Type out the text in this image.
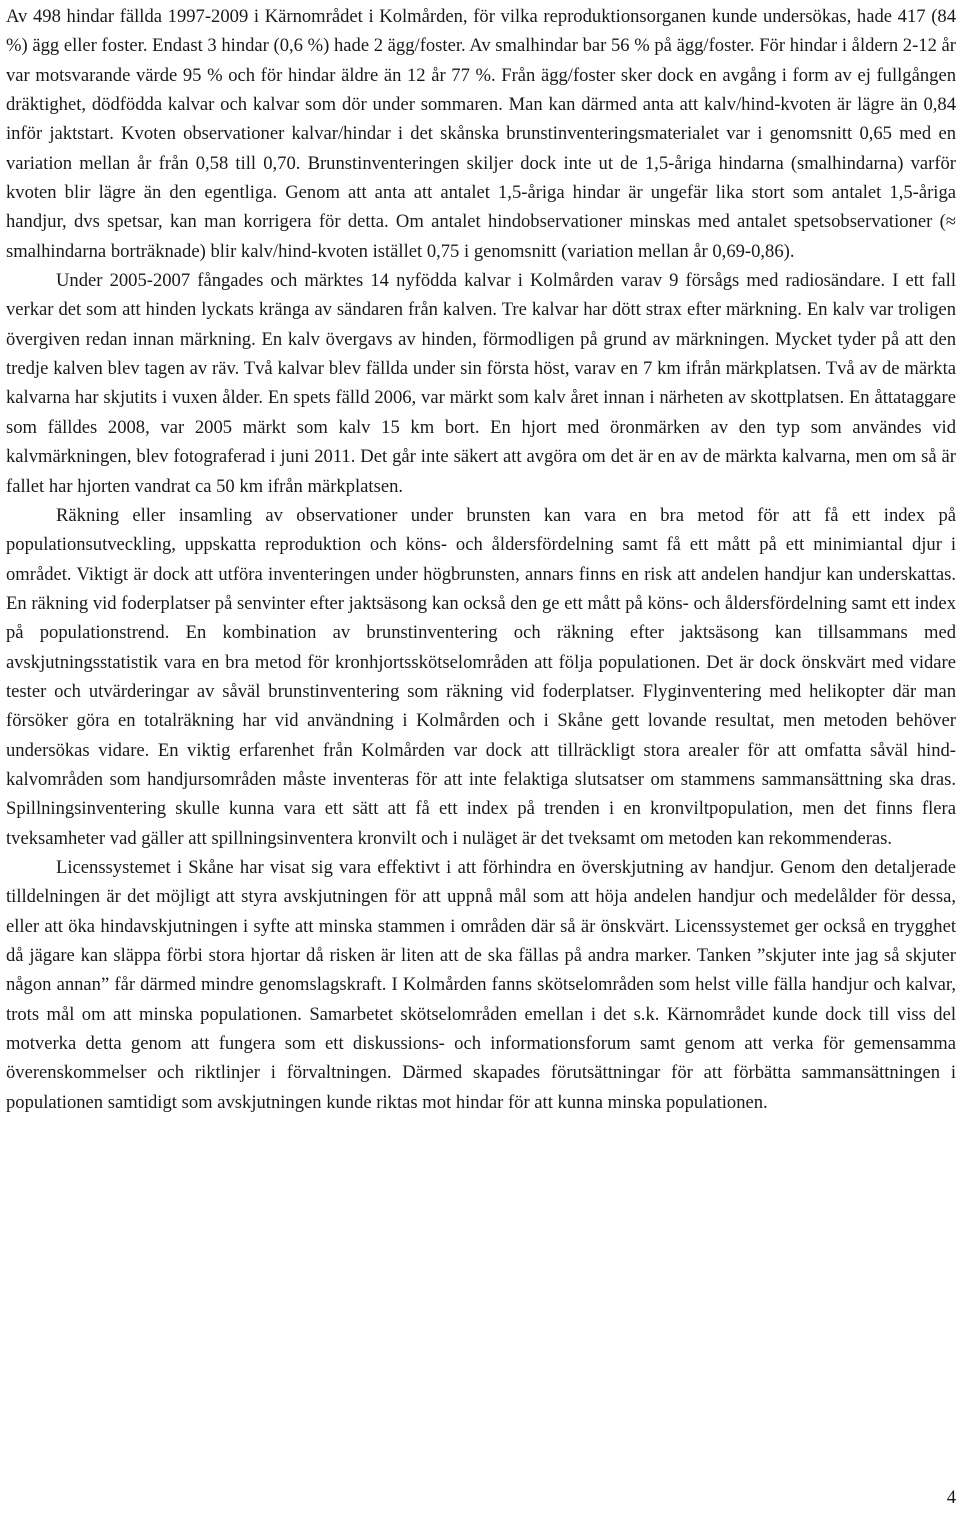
Av 498 hindar fällda 1997-2009 i Kärnområdet i Kolmården, för vilka reproduktionsorganen kunde undersökas, hade 417 (84 %) ägg eller foster. Endast 3 hindar (0,6 %) hade 2 ägg/foster. Av smalhindar bar 56 % på ägg/foster. För hindar i åldern 2-12 år var motsvarande värde 95 % och för hindar äldre än 12 år 77 %. Från ägg/foster sker dock en avgång i form av ej fullgången dräktighet, dödfödda kalvar och kalvar som dör under sommaren. Man kan därmed anta att kalv/hind-kvoten är lägre än 0,84 inför jaktstart. Kvoten observationer kalvar/hindar i det skånska brunstinventeringsmaterialet var i genomsnitt 0,65 med en variation mellan år från 0,58 till 0,70. Brunstinventeringen skiljer dock inte ut de 1,5-åriga hindarna (smalhindarna) varför kvoten blir lägre än den egentliga. Genom att anta att antalet 1,5-åriga hindar är ungefär lika stort som antalet 1,5-åriga handjur, dvs spetsar, kan man korrigera för detta. Om antalet hindobservationer minskas med antalet spetsobservationer (≈ smalhindarna borträknade) blir kalv/hind-kvoten istället 0,75 i genomsnitt (variation mellan år 0,69-0,86).

Under 2005-2007 fångades och märktes 14 nyfödda kalvar i Kolmården varav 9 försågs med radiosändare. I ett fall verkar det som att hinden lyckats kränga av sändaren från kalven. Tre kalvar har dött strax efter märkning. En kalv var troligen övergiven redan innan märkning. En kalv övergavs av hinden, förmodligen på grund av märkningen. Mycket tyder på att den tredje kalven blev tagen av räv. Två kalvar blev fällda under sin första höst, varav en 7 km ifrån märkplatsen. Två av de märkta kalvarna har skjutits i vuxen ålder. En spets fälld 2006, var märkt som kalv året innan i närheten av skottplatsen. En åttataggare som fälldes 2008, var 2005 märkt som kalv 15 km bort. En hjort med öronmärken av den typ som användes vid kalvmärkningen, blev fotograferad i juni 2011. Det går inte säkert att avgöra om det är en av de märkta kalvarna, men om så är fallet har hjorten vandrat ca 50 km ifrån märkplatsen.

Räkning eller insamling av observationer under brunsten kan vara en bra metod för att få ett index på populationsutveckling, uppskatta reproduktion och köns- och åldersfördelning samt få ett mått på ett minimiantal djur i området. Viktigt är dock att utföra inventeringen under högbrunsten, annars finns en risk att andelen handjur kan underskattas. En räkning vid foderplatser på senvinter efter jaktsäsong kan också den ge ett mått på köns- och åldersfördelning samt ett index på populationstrend. En kombination av brunstinventering och räkning efter jaktsäsong kan tillsammans med avskjutningsstatistik vara en bra metod för kronhjortsskötselområden att följa populationen. Det är dock önskvärt med vidare tester och utvärderingar av såväl brunstinventering som räkning vid foderplatser. Flyginventering med helikopter där man försöker göra en totalräkning har vid användning i Kolmården och i Skåne gett lovande resultat, men metoden behöver undersökas vidare. En viktig erfarenhet från Kolmården var dock att tillräckligt stora arealer för att omfatta såväl hind-kalvområden som handjursområden måste inventeras för att inte felaktiga slutsatser om stammens sammansättning ska dras. Spillningsinventering skulle kunna vara ett sätt att få ett index på trenden i en kronviltpopulation, men det finns flera tveksamheter vad gäller att spillningsinventera kronvilt och i nuläget är det tveksamt om metoden kan rekommenderas.

Licenssystemet i Skåne har visat sig vara effektivt i att förhindra en överskjutning av handjur. Genom den detaljerade tilldelningen är det möjligt att styra avskjutningen för att uppnå mål som att höja andelen handjur och medelålder för dessa, eller att öka hindavskjutningen i syfte att minska stammen i områden där så är önskvärt. Licenssystemet ger också en trygghet då jägare kan släppa förbi stora hjortar då risken är liten att de ska fällas på andra marker. Tanken ”skjuter inte jag så skjuter någon annan” får därmed mindre genomslagskraft. I Kolmården fanns skötselområden som helst ville fälla handjur och kalvar, trots mål om att minska populationen. Samarbetet skötselområden emellan i det s.k. Kärnområdet kunde dock till viss del motverka detta genom att fungera som ett diskussions- och informationsforum samt genom att verka för gemensamma överenskommelser och riktlinjer i förvaltningen. Därmed skapades förutsättningar för att förbätta sammansättningen i populationen samtidigt som avskjutningen kunde riktas mot hindar för att kunna minska populationen.

4
